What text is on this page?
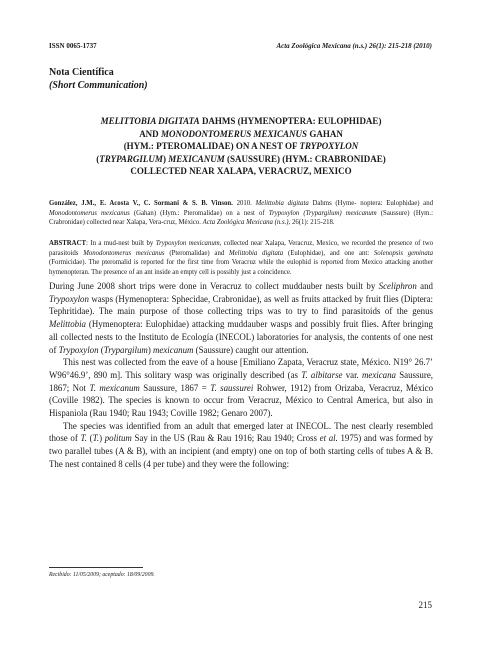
ISSN 0065-1737	Acta Zoológica Mexicana (n.s.) 26(1): 215-218 (2010)
Nota Científica
(Short Communication)
MELITTOBIA DIGITATA DAHMS (HYMENOPTERA: EULOPHIDAE)
AND MONODONTOMERUS MEXICANUS GAHAN
(HYM.: PTEROMALIDAE) ON A NEST OF TRYPOXYLON
(TRYPARGILUM) MEXICANUM (SAUSSURE) (HYM.: CRABRONIDAE)
COLLECTED NEAR XALAPA, VERACRUZ, MEXICO
González, J.M., E. Acosta V., C. Sormani & S. B. Vinson. 2010. Melittobia digitata Dahms (Hyme- noptera: Eulophidae) and Monodontomerus mexicanus (Gahan) (Hym.: Pteromalidae) on a nest of Trypoxylon (Trypargilum) mexicanum (Saussure) (Hym.: Crabronidae) collected near Xalapa, Vera-cruz, México. Acta Zoológica Mexicana (n.s.), 26(1): 215-218.
ABSTRACT: In a mud-nest built by Trypoxylon mexicanum, collected near Xalapa, Veracruz, Mexico, we recorded the presence of two parasitoids Monodontomerus mexicanus (Pteromalidae) and Melittobia digitata (Eulophidae), and one ant: Solenopsis geminata (Formicidae). The pteromalid is reported for the first time from Veracruz while the eulophid is reported from Mexico attacking another hymenopteran. The presence of an ant inside an empty cell is possibly just a coincidence.

During June 2008 short trips were done in Veracruz to collect muddauber nests built by Sceliphron and Trypoxylon wasps (Hymenoptera: Sphecidae, Crabronidae), as well as fruits attacked by fruit flies (Diptera: Tephritidae). The main purpose of those collecting trips was to try to find parasitoids of the genus Melittobia (Hymenoptera: Eulophidae) attacking muddauber wasps and possibly fruit flies. After bringing all collected nests to the Instituto de Ecología (INECOL) laboratories for analysis, the contents of one nest of Trypoxylon (Trypargilum) mexicanum (Saussure) caught our attention.

This nest was collected from the eave of a house [Emiliano Zapata, Veracruz state, México. N19° 26.7’ W96°46.9’, 890 m]. This solitary wasp was originally described (as T. albitarse var. mexicana Saussure, 1867; Not T. mexicanum Saussure, 1867 = T. saussurei Rohwer, 1912) from Orizaba, Veracruz, México (Coville 1982). The species is known to occur from Veracruz, México to Central America, but also in Hispaniola (Rau 1940; Rau 1943; Coville 1982; Genaro 2007).

The species was identified from an adult that emerged later at INECOL. The nest clearly resembled those of T. (T.) politum Say in the US (Rau & Rau 1916; Rau 1940; Cross et al. 1975) and was formed by two parallel tubes (A & B), with an incipient (and empty) one on top of both starting cells of tubes A & B. The nest contained 8 cells (4 per tube) and they were the following:

Recibido: 11/05/2009; aceptado: 18/09/2009.
215
